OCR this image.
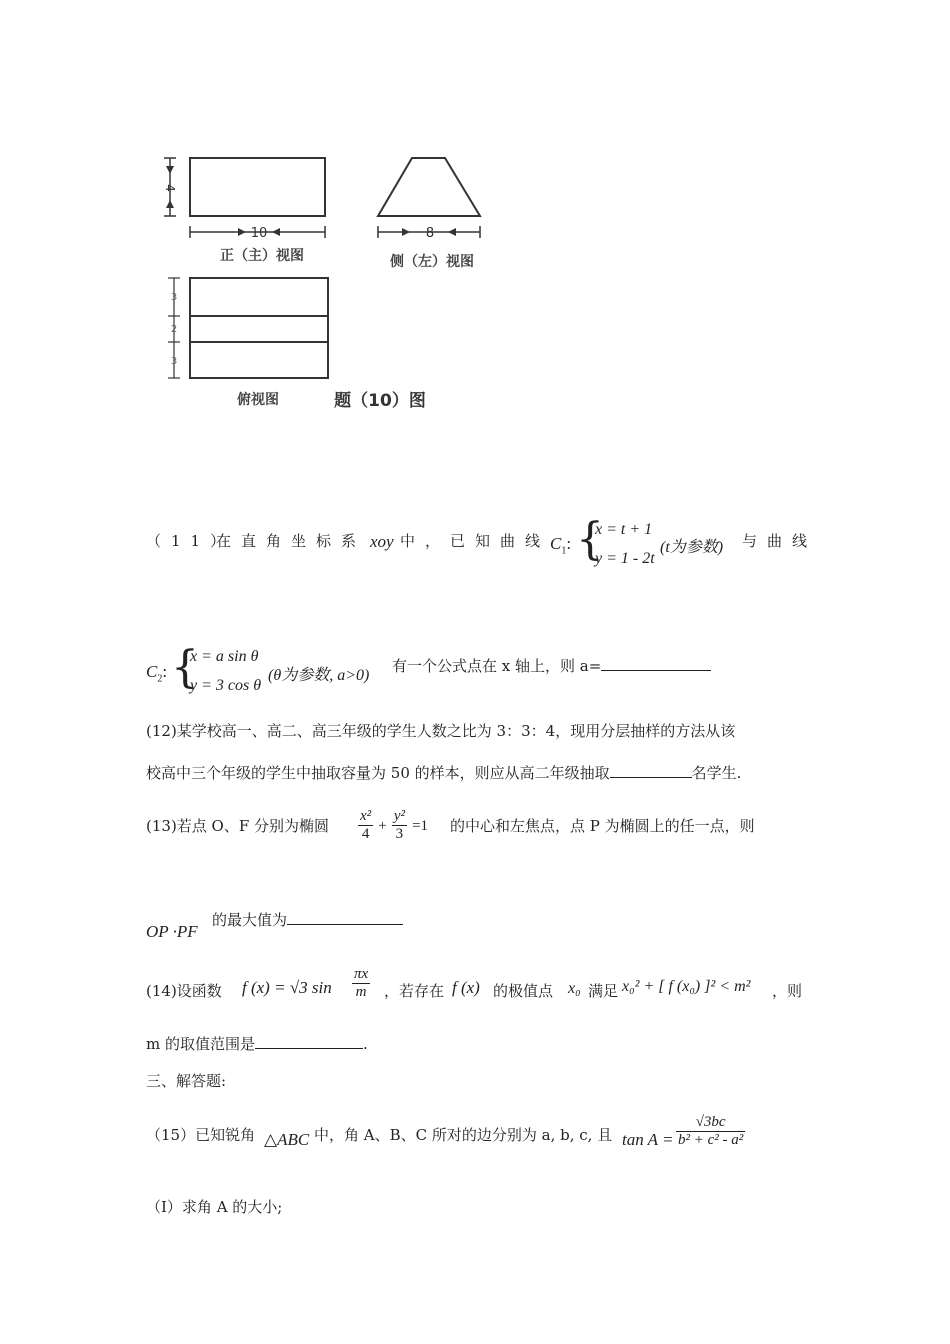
4
10
正（主）视图
8
侧（左）视图
3
2
3
俯视图	题（10）图
（11）
在直角坐标系 xoy 中，已知曲线 $C_1$: {
x = t + 1
y = 1 - 2t
(t为参数) 与曲线
$C_2$: {
x = a sin θ
y = 3 cos θ
(θ为参数, a>0)
有一个公式点在 x 轴上，则 a=
(12)某学校高一、高二、高三年级的学生人数之比为 3：3：4，现用分层抽样的方法从该
校高中三个年级的学生中抽取容量为 50 的样本，则应从高二年级抽取	名学生.
(13)若点 O、F 分别为椭圆 $\frac{\text{x²}}{4} + \frac{\text{y²}}{3} =1$ 的中心和左焦点，点 P 为椭圆上的任一点，则
OP ·PF
的最大值为
(14)设函数 f (x) = √3 $\sin \frac{\pi x}{m}$ ，若存在 f (x) 的极值点 x₀ 满足 x₀² + [ f (x₀) ]² < m² ，则
m 的取值范围是	.
三、解答题:
（15）已知锐角 △ABC 中，角 A、B、C 所对的边分别为 a, b, c, 且 $\tan A = \frac{√3bc}{\text{b² + c² - a²}}$
（I）求角 A 的大小;
